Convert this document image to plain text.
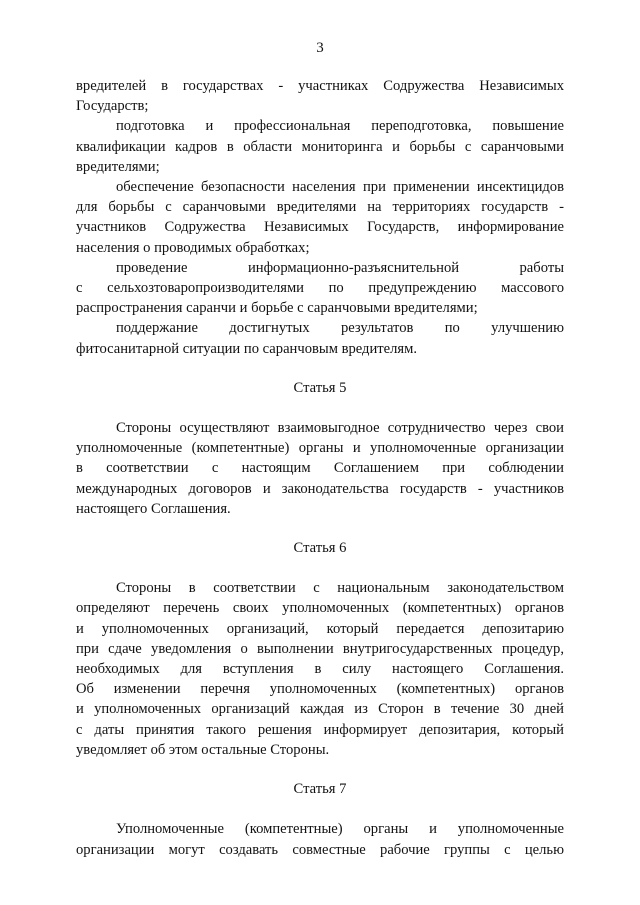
3
вредителей в государствах - участниках Содружества Независимых
Государств;
подготовка и профессиональная переподготовка, повышение
квалификации кадров в области мониторинга и борьбы с саранчовыми
вредителями;
обеспечение безопасности населения при применении инсектицидов
для борьбы с саранчовыми вредителями на территориях государств -
участников Содружества Независимых Государств, информирование
населения о проводимых обработках;
проведение информационно-разъяснительной работы
с сельхозтоваропроизводителями по предупреждению массового
распространения саранчи и борьбе с саранчовыми вредителями;
поддержание достигнутых результатов по улучшению
фитосанитарной ситуации по саранчовым вредителям.
Статья 5
Стороны осуществляют взаимовыгодное сотрудничество через свои
уполномоченные (компетентные) органы и уполномоченные организации
в соответствии с настоящим Соглашением при соблюдении
международных договоров и законодательства государств - участников
настоящего Соглашения.
Статья 6
Стороны в соответствии с национальным законодательством
определяют перечень своих уполномоченных (компетентных) органов
и уполномоченных организаций, который передается депозитарию
при сдаче уведомления о выполнении внутригосударственных процедур,
необходимых для вступления в силу настоящего Соглашения.
Об изменении перечня уполномоченных (компетентных) органов
и уполномоченных организаций каждая из Сторон в течение 30 дней
с даты принятия такого решения информирует депозитария, который
уведомляет об этом остальные Стороны.
Статья 7
Уполномоченные (компетентные) органы и уполномоченные
организации могут создавать совместные рабочие группы с целью
